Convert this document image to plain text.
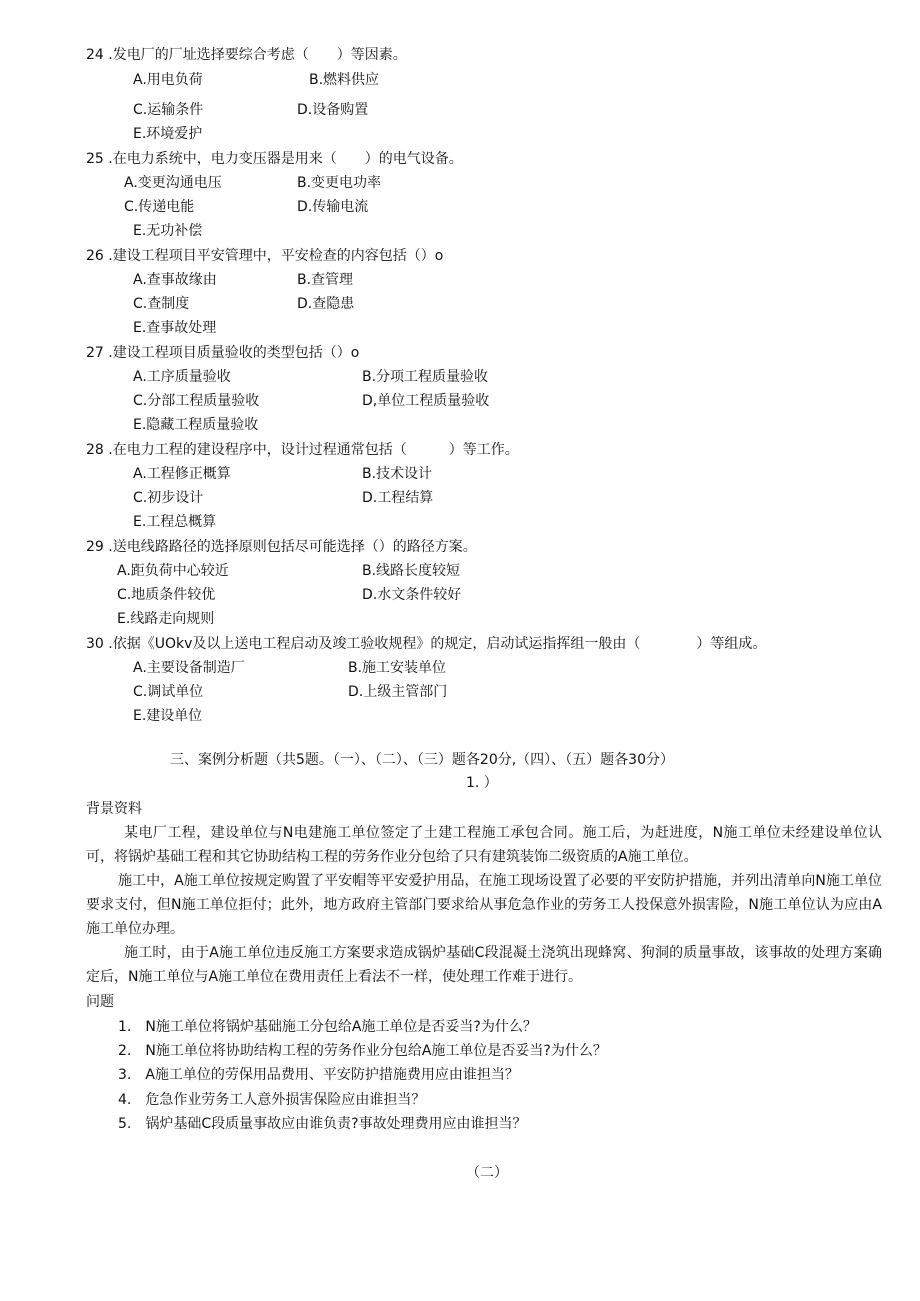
24 .发电厂的厂址选择要综合考虑（　　）等因素。
A.用电负荷	B.燃料供应
C.运输条件	D.设备购置
E.环境爱护
25 .在电力系统中，电力变压器是用来（　　）的电气设备。
A.变更沟通电压	B.变更电功率
C.传递电能	D.传输电流
E.无功补偿
26 .建设工程项目平安管理中，平安检查的内容包括（）o
A.查事故缘由	B.查管理
C.查制度	D.查隐患
E.查事故处理
27 .建设工程项目质量验收的类型包括（）o
A.工序质量验收	B.分项工程质量验收
C.分部工程质量验收	D,单位工程质量验收
E.隐藏工程质量验收
28 .在电力工程的建设程序中，设计过程通常包括（　　　）等工作。
A.工程修正概算	B.技术设计
C.初步设计	D.工程结算
E.工程总概算
29 .送电线路路径的选择原则包括尽可能选择（）的路径方案。
A.距负荷中心较近	B.线路长度较短
C.地质条件较优	D.水文条件较好
E.线路走向规则
30 .依据《UOkv及以上送电工程启动及竣工验收规程》的规定，启动试运指挥组一般由（　　　　）等组成。
A.主要设备制造厂	B.施工安装单位
C.调试单位	D.上级主管部门
E.建设单位
三、案例分析题（共5题。（一）、（二）、（三）题各20分,（四）、（五）题各30分）
1. ）
背景资料
某电厂工程，建设单位与N电建施工单位签定了土建工程施工承包合同。施工后，为赶进度，N施工单位未经建设单位认可，将锅炉基础工程和其它协助结构工程的劳务作业分包给了只有建筑装饰二级资质的A施工单位。
施工中，A施工单位按规定购置了平安帽等平安爱护用品，在施工现场设置了必要的平安防护措施，并列出清单向N施工单位要求支付，但N施工单位拒付；此外，地方政府主管部门要求给从事危急作业的劳务工人投保意外损害险，N施工单位认为应由A施工单位办理。
施工时，由于A施工单位违反施工方案要求造成锅炉基础C段混凝土浇筑出现蜂窝、狗洞的质量事故，该事故的处理方案确定后，N施工单位与A施工单位在费用责任上看法不一样，使处理工作难于进行。
问题
1.　N施工单位将锅炉基础施工分包给A施工单位是否妥当?为什么？
2.　N施工单位将协助结构工程的劳务作业分包给A施工单位是否妥当?为什么？
3.　A施工单位的劳保用品费用、平安防护措施费用应由谁担当？
4.　危急作业劳务工人意外损害保险应由谁担当？
5.　锅炉基础C段质量事故应由谁负责?事故处理费用应由谁担当？
（二）
